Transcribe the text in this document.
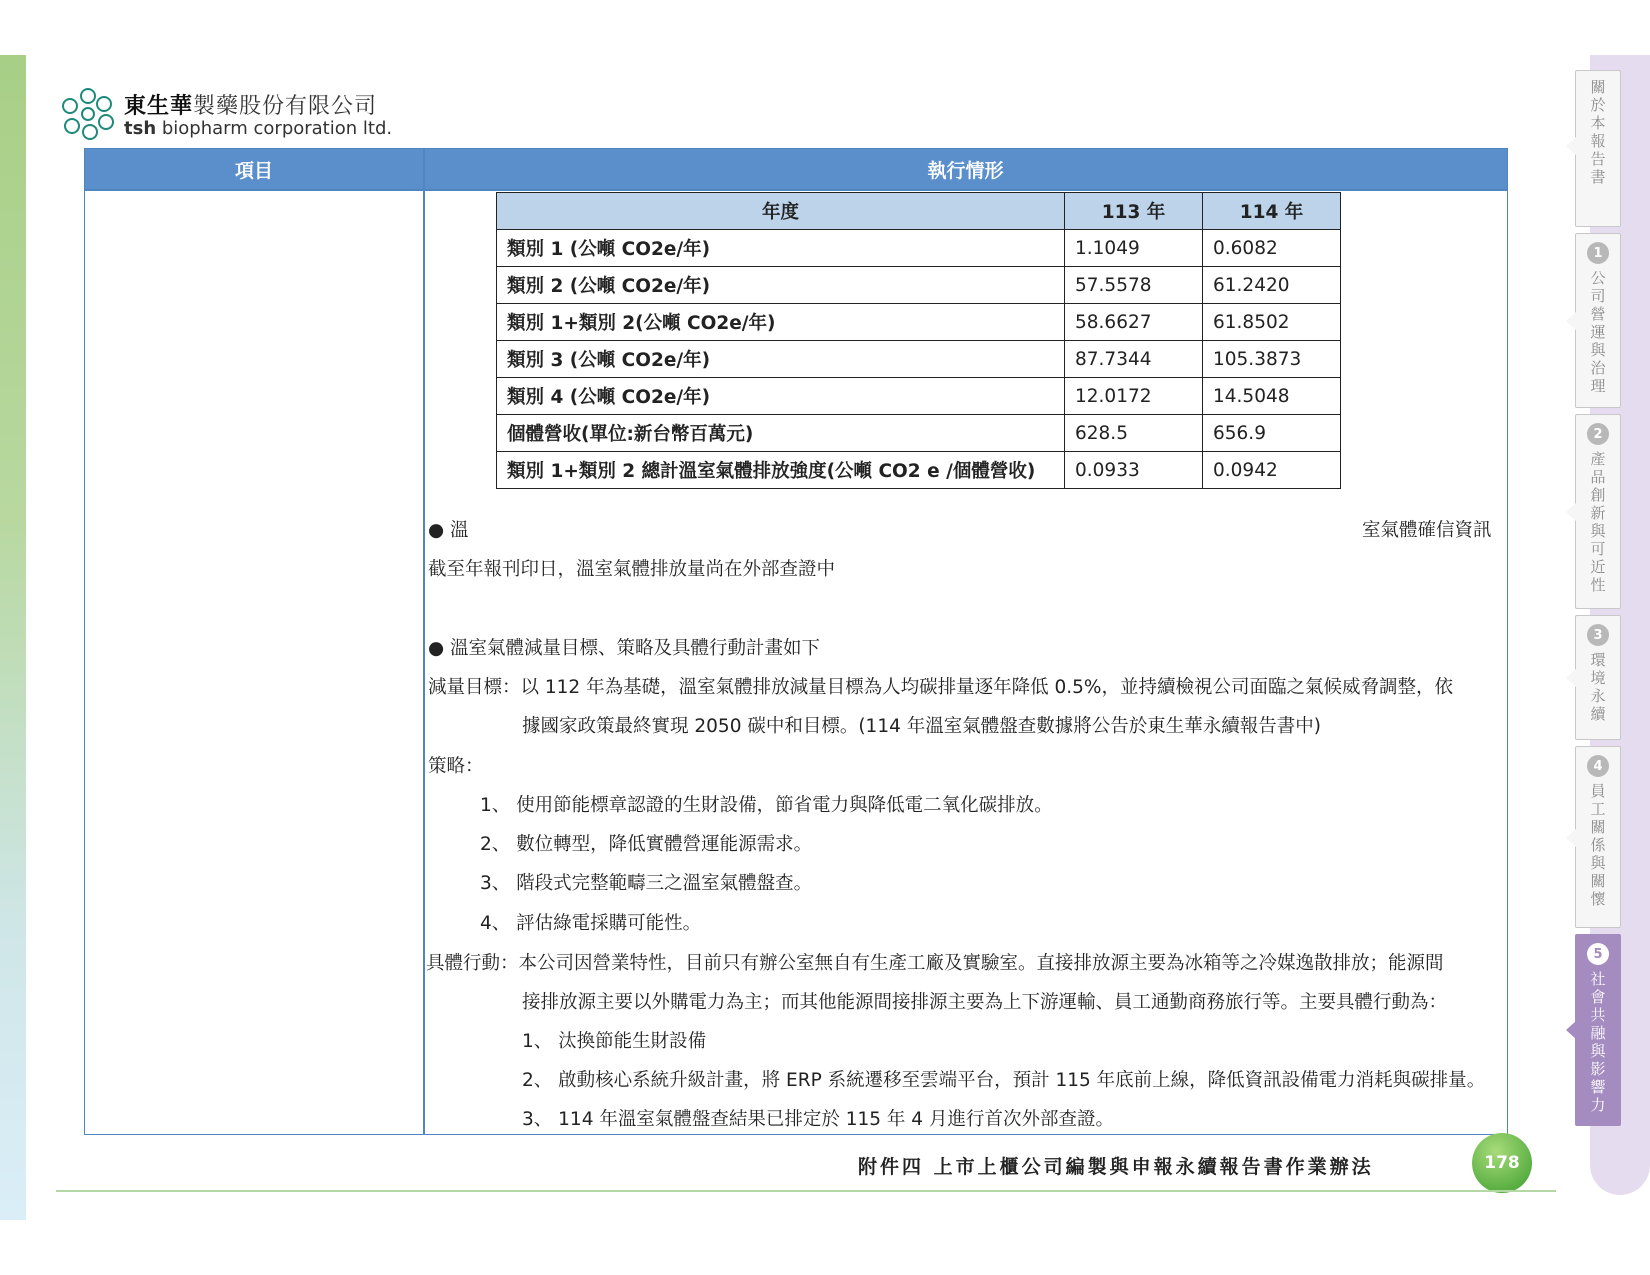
東生華製藥股份有限公司
tsh biopharm corporation ltd.
項目	執行情形
年度	113 年	114 年
類別 1 (公噸 CO2e/年)	1.1049	0.6082
類別 2 (公噸 CO2e/年)	57.5578	61.2420
類別 1+類別 2(公噸 CO2e/年)	58.6627	61.8502
類別 3 (公噸 CO2e/年)	87.7344	105.3873
類別 4 (公噸 CO2e/年)	12.0172	14.5048
個體營收(單位:新台幣百萬元)	628.5	656.9
類別 1+類別 2 總計溫室氣體排放強度(公噸 CO2 e /個體營收)	0.0933	0.0942
● 溫	室氣體確信資訊
截至年報刊印日，溫室氣體排放量尚在外部查證中
● 溫室氣體減量目標、策略及具體行動計畫如下
減量目標：以 112 年為基礎，溫室氣體排放減量目標為人均碳排量逐年降低 0.5%，並持續檢視公司面臨之氣候威脅調整，依
據國家政策最終實現 2050 碳中和目標。(114 年溫室氣體盤查數據將公告於東生華永續報告書中)
策略：
1、 使用節能標章認證的生財設備，節省電力與降低電二氧化碳排放。
2、 數位轉型，降低實體營運能源需求。
3、 階段式完整範疇三之溫室氣體盤查。
4、 評估綠電採購可能性。
具體行動：本公司因營業特性，目前只有辦公室無自有生產工廠及實驗室。直接排放源主要為冰箱等之冷媒逸散排放；能源間
接排放源主要以外購電力為主；而其他能源間接排源主要為上下游運輸、員工通勤商務旅行等。主要具體行動為：
1、 汰換節能生財設備
2、 啟動核心系統升級計畫，將 ERP 系統遷移至雲端平台，預計 115 年底前上線，降低資訊設備電力消耗與碳排量。
3、 114 年溫室氣體盤查結果已排定於 115 年 4 月進行首次外部查證。
附件四 上市上櫃公司編製與申報永續報告書作業辦法	178
關於本報告書
1
公司營運與治理
2
產品創新與可近性
3
環境永續
4
員工關係與關懷
5
社會共融與影響力
